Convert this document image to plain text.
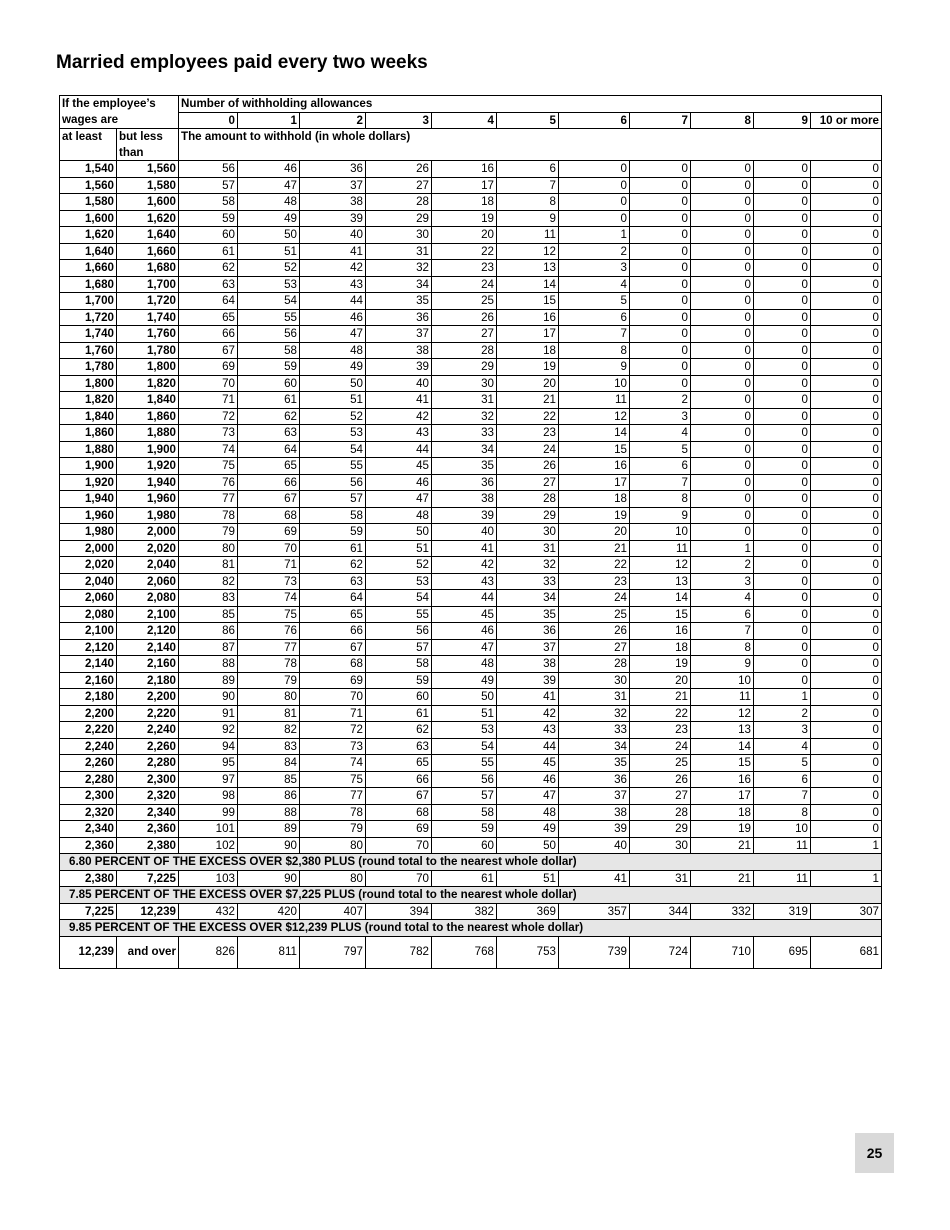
Married employees paid every two weeks
If the employee’s		Number of withholding allowances										
wages are		0	1	2	3	4	5	6	7	8	9	10 or more
at least	but less than	The amount to withhold (in whole dollars)										
1,540	1,560	56	46	36	26	16	6	0	0	0	0	0
1,560	1,580	57	47	37	27	17	7	0	0	0	0	0
1,580	1,600	58	48	38	28	18	8	0	0	0	0	0
1,600	1,620	59	49	39	29	19	9	0	0	0	0	0
1,620	1,640	60	50	40	30	20	11	1	0	0	0	0
1,640	1,660	61	51	41	31	22	12	2	0	0	0	0
1,660	1,680	62	52	42	32	23	13	3	0	0	0	0
1,680	1,700	63	53	43	34	24	14	4	0	0	0	0
1,700	1,720	64	54	44	35	25	15	5	0	0	0	0
1,720	1,740	65	55	46	36	26	16	6	0	0	0	0
1,740	1,760	66	56	47	37	27	17	7	0	0	0	0
1,760	1,780	67	58	48	38	28	18	8	0	0	0	0
1,780	1,800	69	59	49	39	29	19	9	0	0	0	0
1,800	1,820	70	60	50	40	30	20	10	0	0	0	0
1,820	1,840	71	61	51	41	31	21	11	2	0	0	0
1,840	1,860	72	62	52	42	32	22	12	3	0	0	0
1,860	1,880	73	63	53	43	33	23	14	4	0	0	0
1,880	1,900	74	64	54	44	34	24	15	5	0	0	0
1,900	1,920	75	65	55	45	35	26	16	6	0	0	0
1,920	1,940	76	66	56	46	36	27	17	7	0	0	0
1,940	1,960	77	67	57	47	38	28	18	8	0	0	0
1,960	1,980	78	68	58	48	39	29	19	9	0	0	0
1,980	2,000	79	69	59	50	40	30	20	10	0	0	0
2,000	2,020	80	70	61	51	41	31	21	11	1	0	0
2,020	2,040	81	71	62	52	42	32	22	12	2	0	0
2,040	2,060	82	73	63	53	43	33	23	13	3	0	0
2,060	2,080	83	74	64	54	44	34	24	14	4	0	0
2,080	2,100	85	75	65	55	45	35	25	15	6	0	0
2,100	2,120	86	76	66	56	46	36	26	16	7	0	0
2,120	2,140	87	77	67	57	47	37	27	18	8	0	0
2,140	2,160	88	78	68	58	48	38	28	19	9	0	0
2,160	2,180	89	79	69	59	49	39	30	20	10	0	0
2,180	2,200	90	80	70	60	50	41	31	21	11	1	0
2,200	2,220	91	81	71	61	51	42	32	22	12	2	0
2,220	2,240	92	82	72	62	53	43	33	23	13	3	0
2,240	2,260	94	83	73	63	54	44	34	24	14	4	0
2,260	2,280	95	84	74	65	55	45	35	25	15	5	0
2,280	2,300	97	85	75	66	56	46	36	26	16	6	0
2,300	2,320	98	86	77	67	57	47	37	27	17	7	0
2,320	2,340	99	88	78	68	58	48	38	28	18	8	0
2,340	2,360	101	89	79	69	59	49	39	29	19	10	0
2,360	2,380	102	90	80	70	60	50	40	30	21	11	1
6.80 PERCENT OF THE EXCESS OVER $2,380 PLUS (round total to the nearest whole dollar)												
2,380	7,225	103	90	80	70	61	51	41	31	21	11	1
7.85 PERCENT OF THE EXCESS OVER $7,225 PLUS (round total to the nearest whole dollar)												
7,225	12,239	432	420	407	394	382	369	357	344	332	319	307
9.85 PERCENT OF THE EXCESS OVER $12,239 PLUS (round total to the nearest whole dollar)												
12,239	and over	826	811	797	782	768	753	739	724	710	695	681
25
